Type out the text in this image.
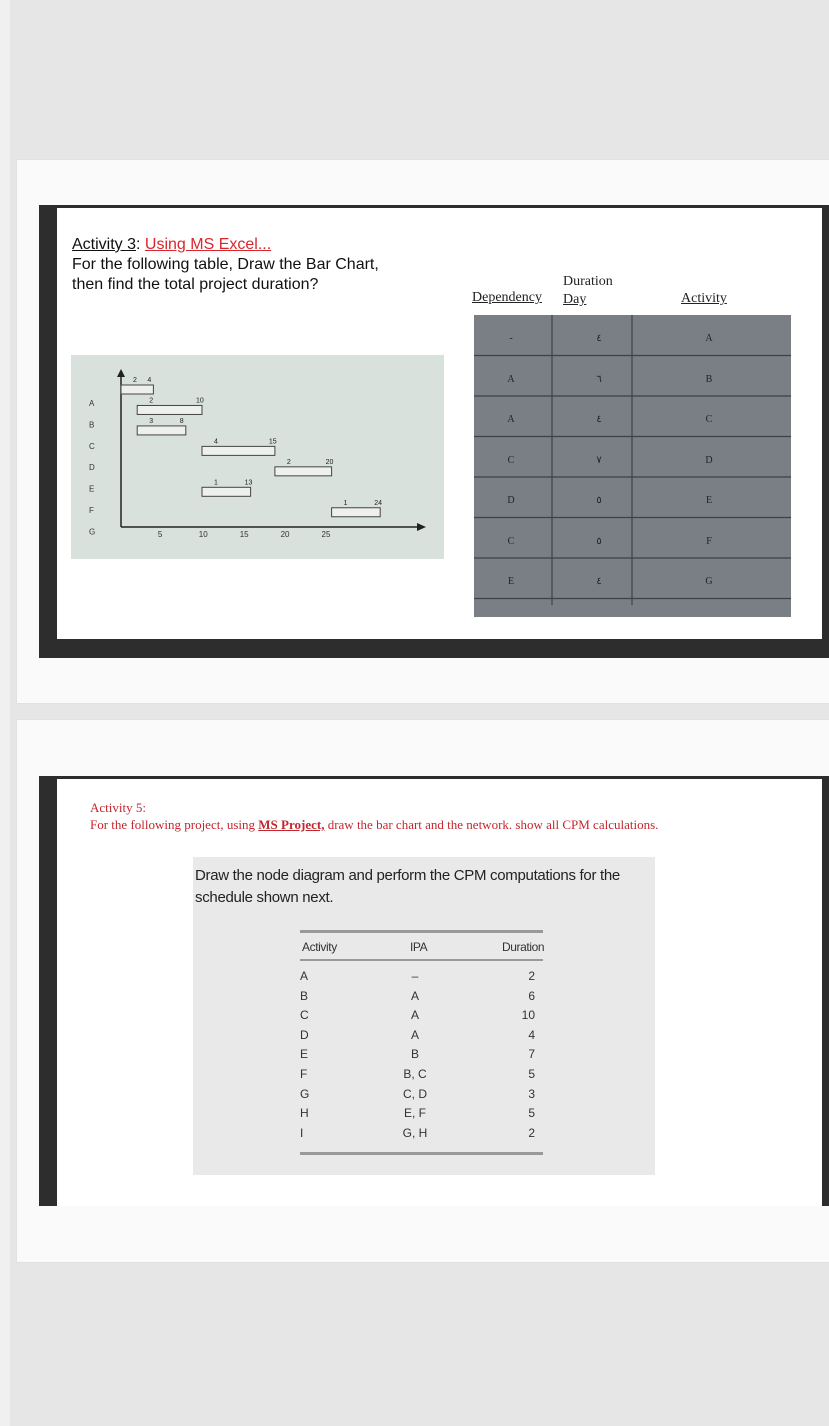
Activity 3: Using MS Excel...
For the following table, Draw the Bar Chart, then find the total project duration?
A
B
C
D
E
F
G	5	10	15	20	25
2 4
2	10
3	8
4	15
2	20
1	13
1	24
-	٤	A
A	٦	B
A	٤	C
C	٧	D
D	٥	E
C	٥	F
E	٤	G
Dependency
Duration
Day	Activity
Activity 5:
For the following project, using MS Project, draw the bar chart and the network. show all CPM calculations.
Draw the node diagram and perform the CPM computations for the schedule shown next.
Activity	IPA	Duration
A	–	2
B	A	6
C	A	10
D	A	4
E	B	7
F	B, C	5
G	C, D	3
H	E, F	5
I	G, H	2
